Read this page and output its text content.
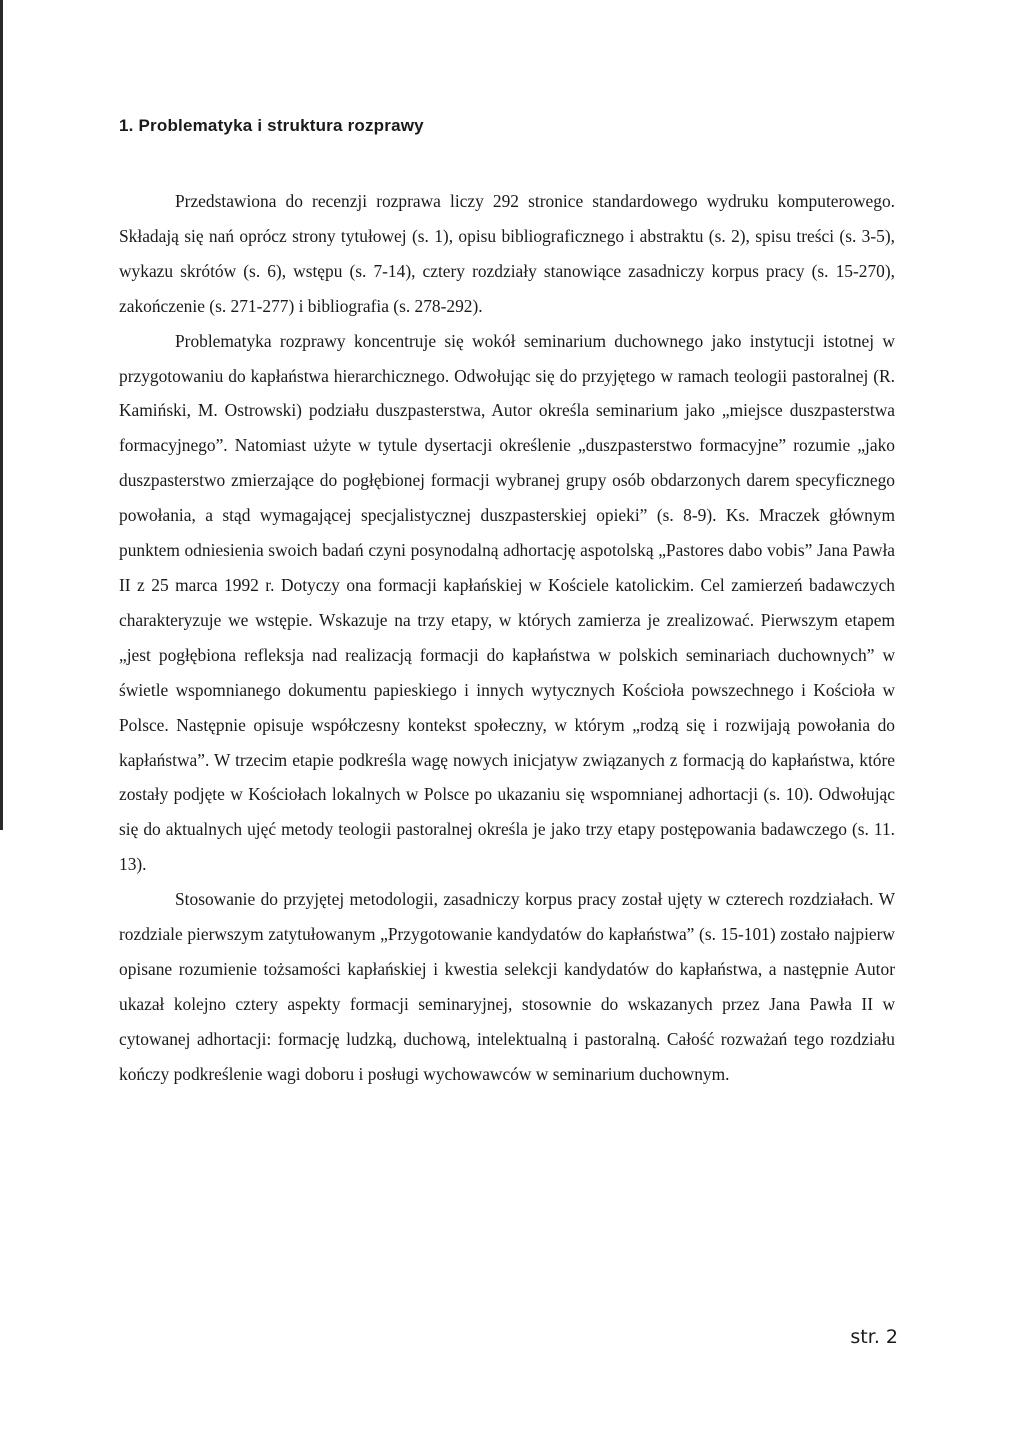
1. Problematyka i struktura rozprawy

Przedstawiona do recenzji rozprawa liczy 292 stronice standardowego wydruku komputerowego. Składają się nań oprócz strony tytułowej (s. 1), opisu bibliograficznego i abstraktu (s. 2), spisu treści (s. 3-5), wykazu skrótów (s. 6), wstępu (s. 7-14), cztery rozdziały stanowiące zasadniczy korpus pracy (s. 15-270), zakończenie (s. 271-277) i bibliografia (s. 278-292).

Problematyka rozprawy koncentruje się wokół seminarium duchownego jako instytucji istotnej w przygotowaniu do kapłaństwa hierarchicznego. Odwołując się do przyjętego w ramach teologii pastoralnej (R. Kamiński, M. Ostrowski) podziału duszpasterstwa, Autor określa seminarium jako „miejsce duszpasterstwa formacyjnego”. Natomiast użyte w tytule dysertacji określenie „duszpasterstwo formacyjne” rozumie „jako duszpasterstwo zmierzające do pogłębionej formacji wybranej grupy osób obdarzonych darem specyficznego powołania, a stąd wymagającej specjalistycznej duszpasterskiej opieki” (s. 8-9). Ks. Mraczek głównym punktem odniesienia swoich badań czyni posynodalną adhortację aspotolską „Pastores dabo vobis” Jana Pawła II z 25 marca 1992 r. Dotyczy ona formacji kapłańskiej w Kościele katolickim. Cel zamierzeń badawczych charakteryzuje we wstępie. Wskazuje na trzy etapy, w których zamierza je zrealizować. Pierwszym etapem „jest pogłębiona refleksja nad realizacją formacji do kapłaństwa w polskich seminariach duchownych” w świetle wspomnianego dokumentu papieskiego i innych wytycznych Kościoła powszechnego i Kościoła w Polsce. Następnie opisuje współczesny kontekst społeczny, w którym „rodzą się i rozwijają powołania do kapłaństwa”. W trzecim etapie podkreśla wagę nowych inicjatyw związanych z formacją do kapłaństwa, które zostały podjęte w Kościołach lokalnych w Polsce po ukazaniu się wspomnianej adhortacji (s. 10). Odwołując się do aktualnych ujęć metody teologii pastoralnej określa je jako trzy etapy postępowania badawczego (s. 11. 13).

Stosowanie do przyjętej metodologii, zasadniczy korpus pracy został ujęty w czterech rozdziałach. W rozdziale pierwszym zatytułowanym „Przygotowanie kandydatów do kapłaństwa” (s. 15-101) zostało najpierw opisane rozumienie tożsamości kapłańskiej i kwestia selekcji kandydatów do kapłaństwa, a następnie Autor ukazał kolejno cztery aspekty formacji seminaryjnej, stosownie do wskazanych przez Jana Pawła II w cytowanej adhortacji: formację ludzką, duchową, intelektualną i pastoralną. Całość rozważań tego rozdziału kończy podkreślenie wagi doboru i posługi wychowawców w seminarium duchownym.

str. 2
